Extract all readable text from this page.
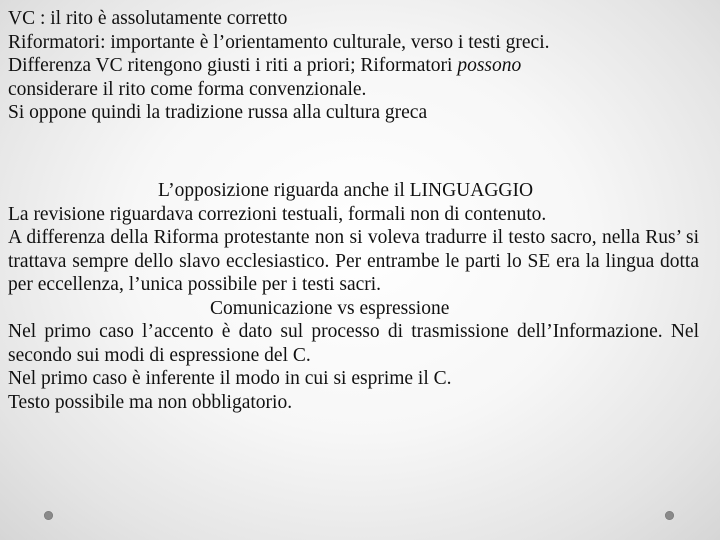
VC : il rito è assolutamente corretto
Riformatori: importante è l’orientamento culturale, verso i testi greci.
Differenza VC ritengono giusti i riti a priori; Riformatori possono
considerare il rito come forma convenzionale.
Si oppone quindi la tradizione russa alla cultura greca
L’opposizione riguarda anche il LINGUAGGIO
La revisione riguardava correzioni testuali, formali non di contenuto.
A differenza della Riforma protestante non si voleva tradurre il testo sacro, nella Rus’ si trattava sempre dello slavo ecclesiastico. Per entrambe le parti lo SE era la lingua dotta per eccellenza, l’unica possibile per i testi sacri.
Comunicazione vs espressione
Nel primo caso l’accento è dato sul processo di trasmissione dell’Informazione. Nel secondo sui modi di espressione del C.
Nel primo caso è inferente il modo in cui si esprime il C.
Testo possibile ma non obbligatorio.
